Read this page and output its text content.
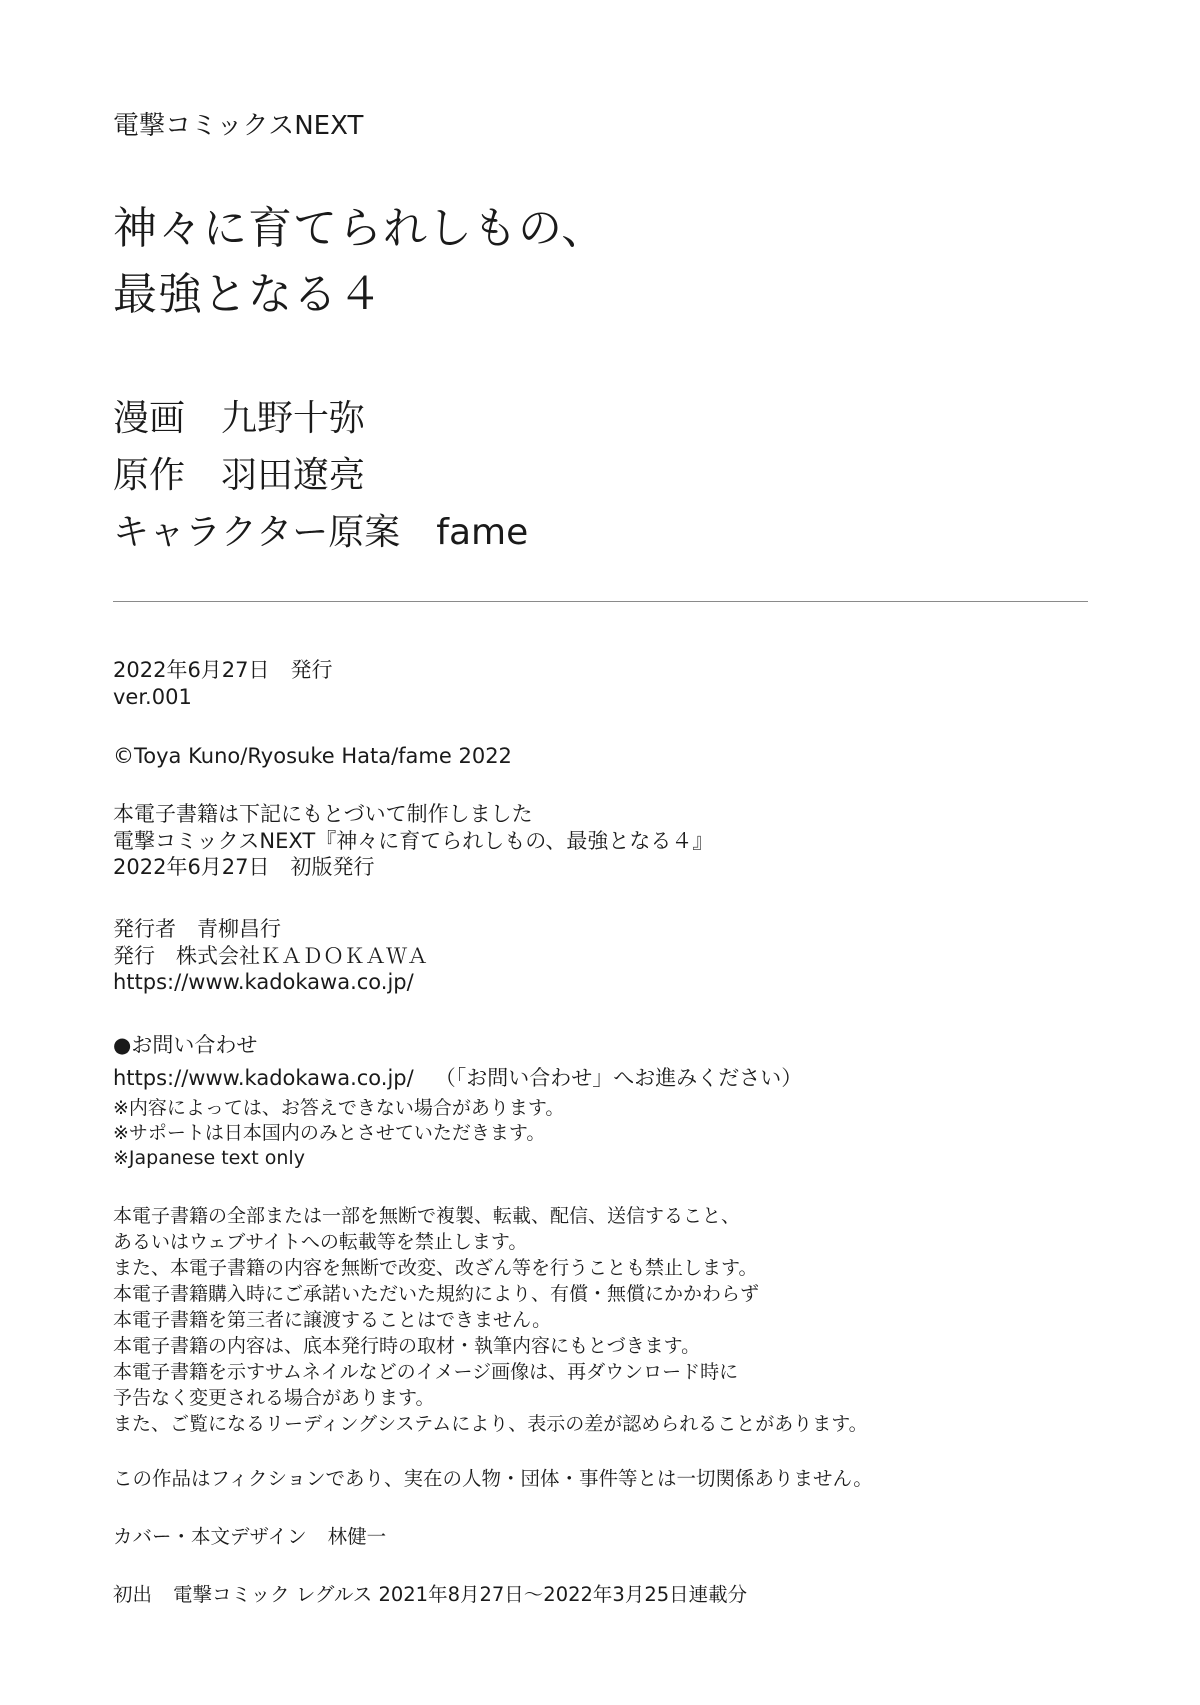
電撃コミックスNEXT
神々に育てられしもの、
最強となる４
漫画 九野十弥
原作 羽田遼亮
キャラクター原案 fame
2022年6月27日 発行
ver.001
©Toya Kuno/Ryosuke Hata/fame 2022
本電子書籍は下記にもとづいて制作しました
電撃コミックスNEXT『神々に育てられしもの、最強となる４』
2022年6月27日 初版発行
発行者 青柳昌行
発行 株式会社ＫＡＤＯＫＡＷＡ
https://www.kadokawa.co.jp/
●お問い合わせ
https://www.kadokawa.co.jp/ （「お問い合わせ」へお進みください）
※内容によっては、お答えできない場合があります。
※サポートは日本国内のみとさせていただきます。
※Japanese text only
本電子書籍の全部または一部を無断で複製、転載、配信、送信すること、
あるいはウェブサイトへの転載等を禁止します。
また、本電子書籍の内容を無断で改変、改ざん等を行うことも禁止します。
本電子書籍購入時にご承諾いただいた規約により、有償・無償にかかわらず
本電子書籍を第三者に譲渡することはできません。
本電子書籍の内容は、底本発行時の取材・執筆内容にもとづきます。
本電子書籍を示すサムネイルなどのイメージ画像は、再ダウンロード時に
予告なく変更される場合があります。
また、ご覧になるリーディングシステムにより、表示の差が認められることがあります。
この作品はフィクションであり、実在の人物・団体・事件等とは一切関係ありません。
カバー・本文デザイン 林健一
初出 電撃コミック レグルス 2021年8月27日〜2022年3月25日連載分
